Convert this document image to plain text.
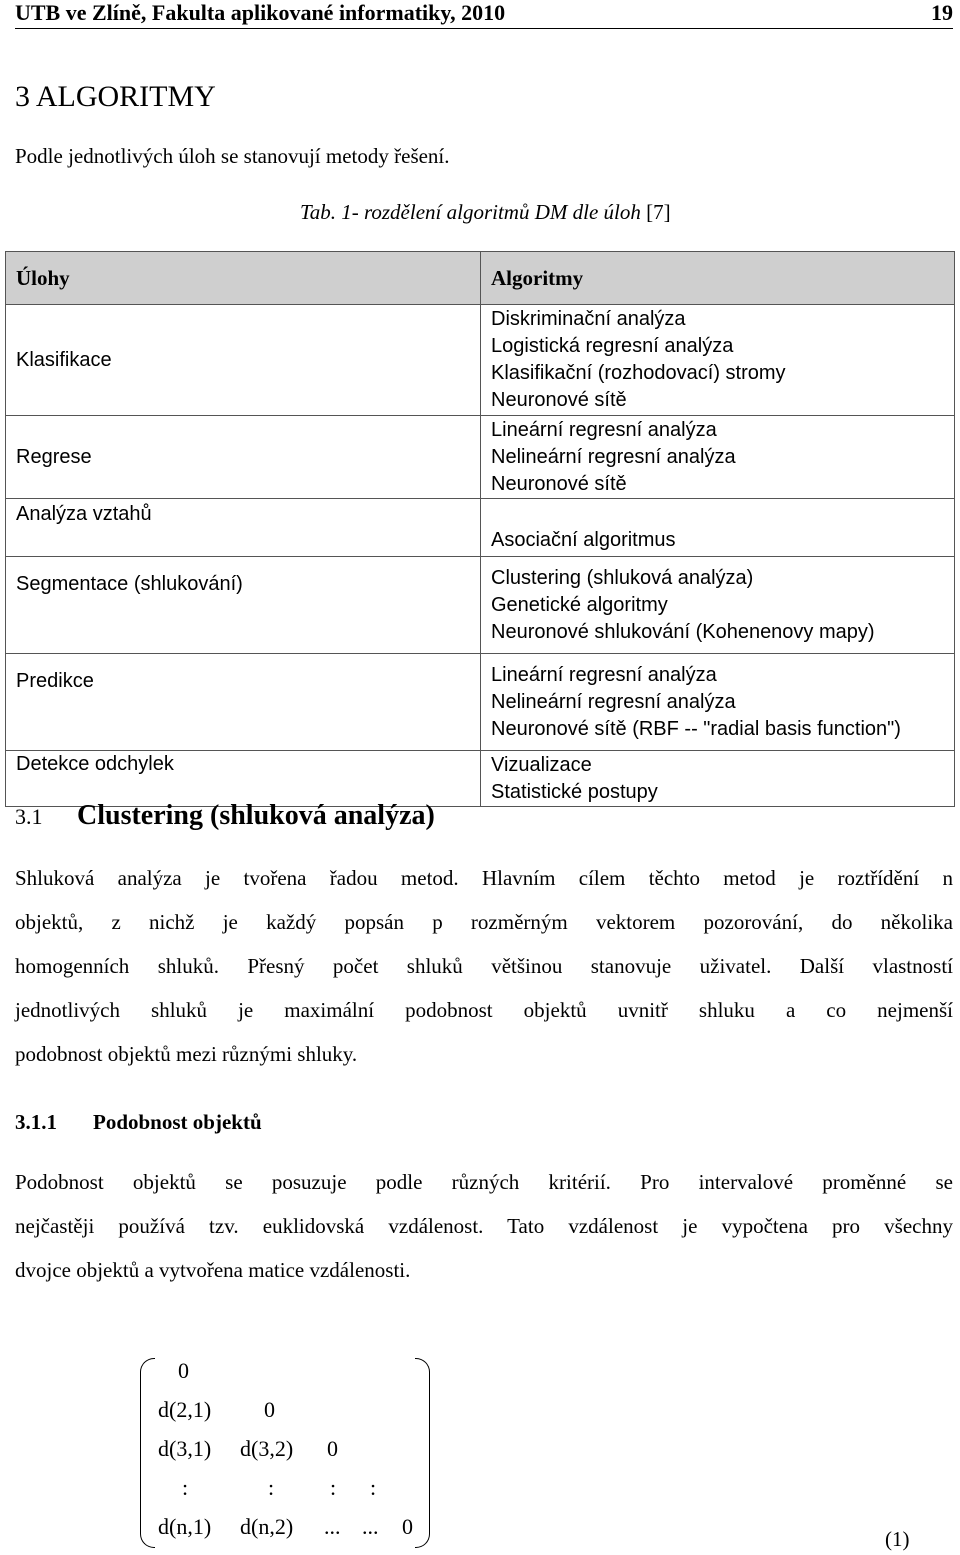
UTB ve Zlíně, Fakulta aplikované informatiky, 2010	19
3 ALGORITMY
Podle jednotlivých úloh se stanovují metody řešení.
Tab. 1- rozdělení algoritmů DM dle úloh [7]
Úlohy	Algoritmy
Klasifikace	Diskriminační analýza
Logistická regresní analýza
Klasifikační (rozhodovací) stromy
Neuronové sítě

Regrese	Lineární regresní analýza
Nelineární regresní analýza
Neuronové sítě

Analýza vztahů	Asociační algoritmus

Segmentace (shlukování)	Clustering (shluková analýza)
Genetické algoritmy
Neuronové shlukování (Kohenenovy mapy)

Predikce	Lineární regresní analýza
Nelineární regresní analýza
Neuronové sítě (RBF -- "radial basis function")

Detekce odchylek	Vizualizace
Statistické postupy
3.1 Clustering (shluková analýza)
Shluková analýza je tvořena řadou metod. Hlavním cílem těchto metod je roztřídění n
objektů, z nichž je každý popsán p rozměrným vektorem pozorování, do několika
homogenních shluků. Přesný počet shluků většinou stanovuje uživatel. Další vlastností
jednotlivých shluků je maximální podobnost objektů uvnitř shluku a co nejmenší
podobnost objektů mezi různými shluky.
3.1.1 Podobnost objektů
Podobnost objektů se posuzuje podle různých kritérií. Pro intervalové proměnné se
nejčastěji používá tzv. euklidovská vzdálenost. Tato vzdálenost je vypočtena pro všechny
dvojce objektů a vytvořena matice vzdálenosti.
0
d(2,1) 0
d(3,1) d(3,2) 0
:	:	: :
d(n,1) d(n,2) ... ... 0	(1)
